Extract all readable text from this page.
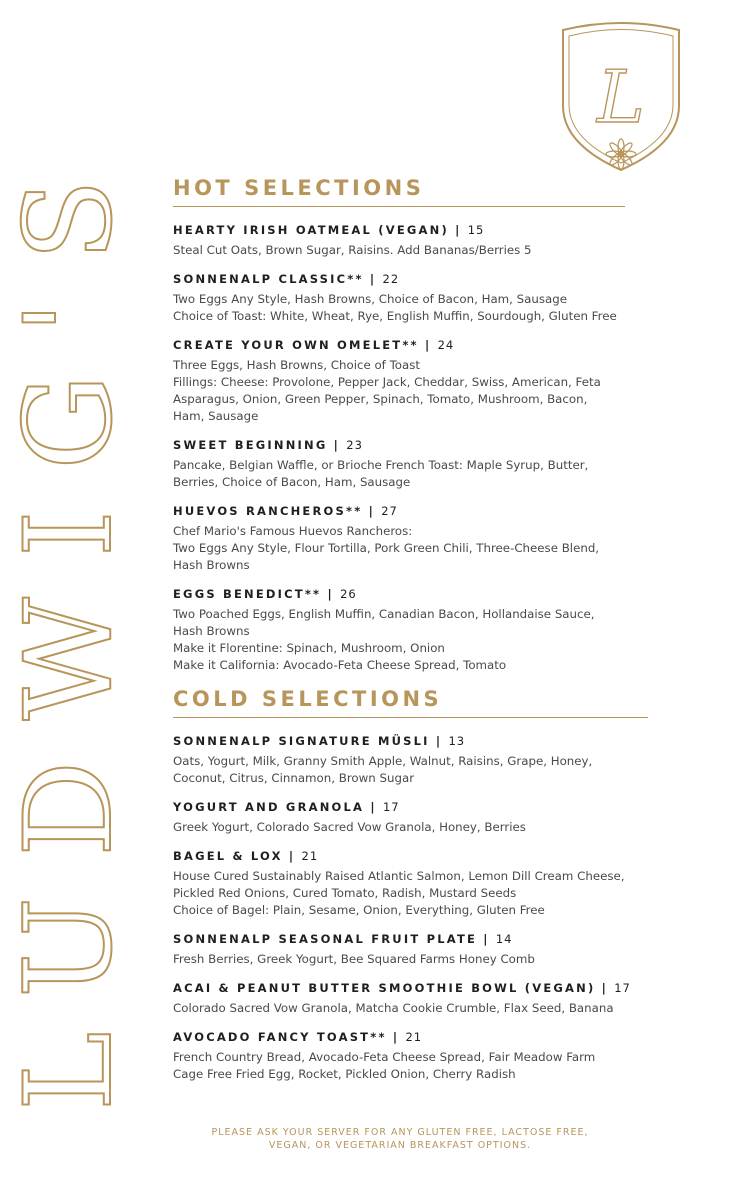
LUDWIG'S
L
HOT SELECTIONS
HEARTY IRISH OATMEAL (VEGAN) | 15
Steal Cut Oats, Brown Sugar, Raisins. Add Bananas/Berries 5
SONNENALP CLASSIC** | 22
Two Eggs Any Style, Hash Browns, Choice of Bacon, Ham, Sausage
Choice of Toast: White, Wheat, Rye, English Muffin, Sourdough, Gluten Free
CREATE YOUR OWN OMELET** | 24
Three Eggs, Hash Browns, Choice of Toast
Fillings: Cheese: Provolone, Pepper Jack, Cheddar, Swiss, American, Feta
Asparagus, Onion, Green Pepper, Spinach, Tomato, Mushroom, Bacon,
Ham, Sausage
SWEET BEGINNING | 23
Pancake, Belgian Waffle, or Brioche French Toast: Maple Syrup, Butter,
Berries, Choice of Bacon, Ham, Sausage
HUEVOS RANCHEROS** | 27
Chef Mario's Famous Huevos Rancheros:
Two Eggs Any Style, Flour Tortilla, Pork Green Chili, Three-Cheese Blend,
Hash Browns
EGGS BENEDICT** | 26
Two Poached Eggs, English Muffin, Canadian Bacon, Hollandaise Sauce,
Hash Browns
Make it Florentine: Spinach, Mushroom, Onion
Make it California: Avocado-Feta Cheese Spread, Tomato
COLD SELECTIONS
SONNENALP SIGNATURE MÜSLI | 13
Oats, Yogurt, Milk, Granny Smith Apple, Walnut, Raisins, Grape, Honey,
Coconut, Citrus, Cinnamon, Brown Sugar
YOGURT AND GRANOLA | 17
Greek Yogurt, Colorado Sacred Vow Granola, Honey, Berries
BAGEL & LOX | 21
House Cured Sustainably Raised Atlantic Salmon, Lemon Dill Cream Cheese,
Pickled Red Onions, Cured Tomato, Radish, Mustard Seeds
Choice of Bagel: Plain, Sesame, Onion, Everything, Gluten Free
SONNENALP SEASONAL FRUIT PLATE | 14
Fresh Berries, Greek Yogurt, Bee Squared Farms Honey Comb
ACAI & PEANUT BUTTER SMOOTHIE BOWL (VEGAN) | 17
Colorado Sacred Vow Granola, Matcha Cookie Crumble, Flax Seed, Banana
AVOCADO FANCY TOAST** | 21
French Country Bread, Avocado-Feta Cheese Spread, Fair Meadow Farm
Cage Free Fried Egg, Rocket, Pickled Onion, Cherry Radish
PLEASE ASK YOUR SERVER FOR ANY GLUTEN FREE, LACTOSE FREE,
VEGAN, OR VEGETARIAN BREAKFAST OPTIONS.
